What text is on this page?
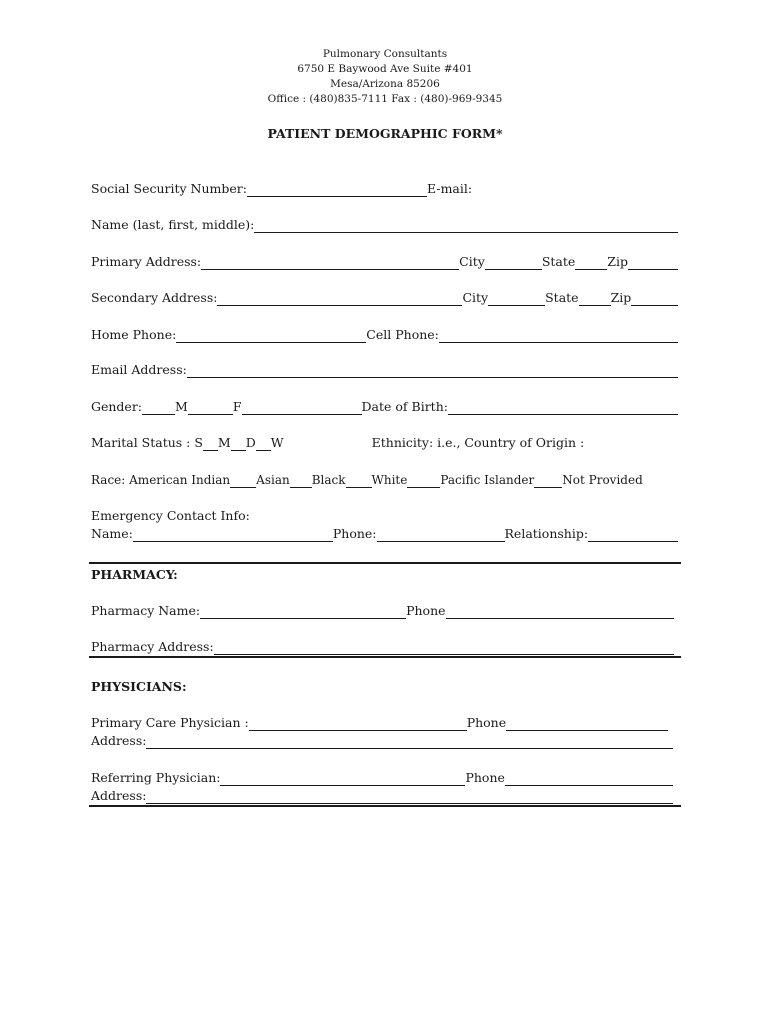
Pulmonary Consultants
6750 E Baywood Ave Suite #401
Mesa/Arizona 85206
Office : (480)835-7111 Fax : (480)-969-9345
PATIENT DEMOGRAPHIC FORM*
Social Security Number:	E-mail:
Name (last, first, middle):
Primary Address:	City	State	Zip
Secondary Address:	City	State	Zip
Home Phone:	Cell Phone:
Email Address:
Gender:	M	F	Date of Birth:
Marital Status : S M D W	Ethnicity: i.e., Country of Origin :
Race: American Indian Asian Black White	Pacific Islander Not Provided
Emergency Contact Info:
Name:	Phone:	Relationship:
PHARMACY:
Pharmacy Name:	Phone
Pharmacy Address:
PHYSICIANS:
Primary Care Physician :	Phone
Address:
Referring Physician:	Phone
Address:
